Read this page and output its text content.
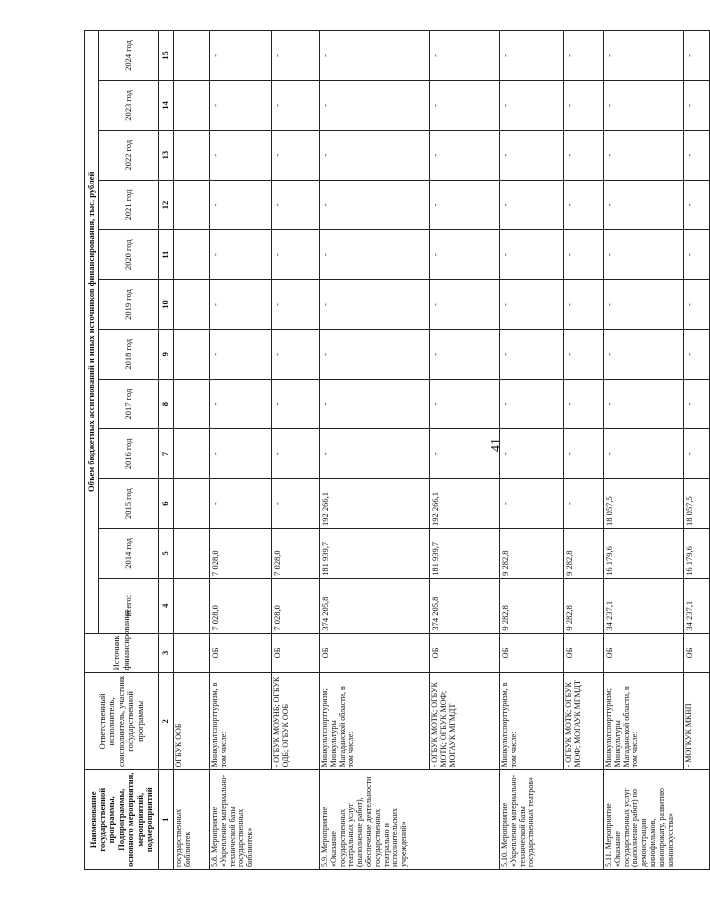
41
Наименование государственной программы, Подпрограммы, основного мероприятия, мероприятий, подмероприятий	Ответственный исполнитель, соисполнитель, участник государственной программы	Источник финансирования	Объем бюджетных ассигнований и иных источников финансирования, тыс. рублей											
			всего:	2014 год	2015 год	2016 год	2017 год	2018 год	2019 год	2020 год	2021 год	2022 год	2023 год	2024 год
1	2	3	4	5	6	7	8	9	10	11	12	13	14	15
государственных библиотек	ОГБУК ООБ													
5.8. Мероприятие «Укрепление материально-технической базы государственных библиотек»	Минкультспорттуризм, в том числе:	ОБ	7 028,0	7 028,0	-	-	-	-	-	-	-	-	-	-
	- ОГБУК МОУНБ; ОГБУК ОДБ; ОГБУК ООБ	ОБ	7 028,0	7 028,0	-	-	-	-	-	-	-	-	-	-
5.9. Мероприятие «Оказание государственных театральных услуг (выполнение работ), обеспечение деятельности государственных театрально и исполнительских учреждений»	Минкультспорттуризм; Минкультуры Магаданской области, в том числе:	ОБ	374 205,8	181 939,7	192 266,1	-	-	-	-	-	-	-	-	-
	- ОГБУК МОТК; ОГБУК МОТК; ОГБУК МОФ; МОГАУК МГМДТ	ОБ	374 205,8	181 939,7	192 266,1	-	-	-	-	-	-	-	-	-
5.10. Мероприятие «Укрепление материально-технической базы государственных театров»	Минкультспорттуризм, в том числе:	ОБ	9 282,8	9 282,8	-	-	-	-	-	-	-	-	-	-
	- ОГБУК МОТК; ОГБУК МОФ; МОГАУК МГМДТ	ОБ	9 282,8	9 282,8	-	-	-	-	-	-	-	-	-	-
5.11. Мероприятие «Оказание государственных услуг (выполнение работ) по демонстрации кинофильмов, кинопрокату, развитию киноискусства»	Минкультспорттуризм; Минкультуры Магаданской области, в том числе:	ОБ	34 237,1	16 179,6	18 057,5	-	-	-	-	-	-	-	-	-
	- МОГКУК МКВП	ОБ	34 237,1	16 179,6	18 057,5	-	-	-	-	-	-	-	-	-
